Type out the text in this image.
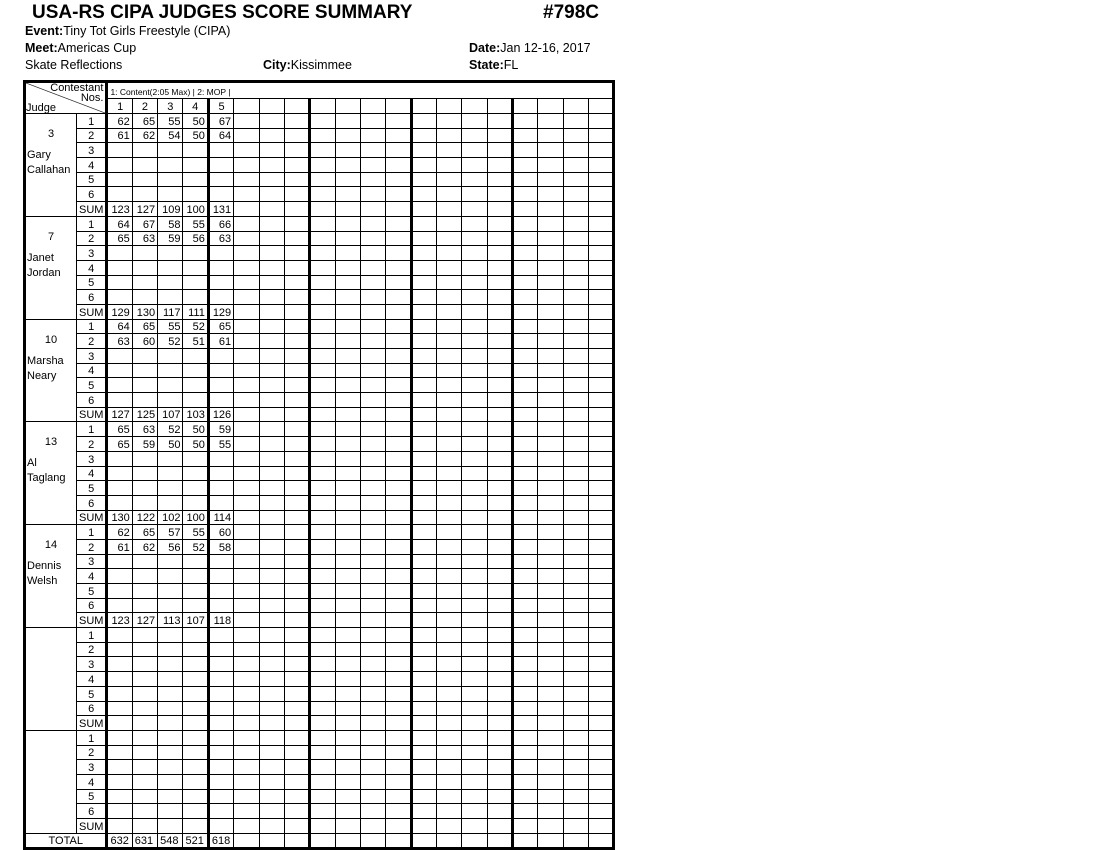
USA-RS CIPA JUDGES SCORE SUMMARY	#798C
Event:Tiny Tot Girls Freestyle (CIPA)
Meet:Americas Cup	Date:Jan 12-16, 2017
Skate Reflections	City:Kissimmee	State:FL
Contestant
Nos.
Judge		1: Content(2:05 Max) | 2: MOP |																			
		1	2	3	4	5															

3
Gary
Callahan	1	62	65	55	50	67															
	2	61	62	54	50	64															
	3																				
	4																				
	5																				
	6																				
	SUM	123	127	109	100	131															

7
Janet
Jordan	1	64	67	58	55	66															
	2	65	63	59	56	63															
	3																				
	4																				
	5																				
	6																				
	SUM	129	130	117	111	129															

10
Marsha
Neary	1	64	65	55	52	65															
	2	63	60	52	51	61															
	3																				
	4																				
	5																				
	6																				
	SUM	127	125	107	103	126															

13
Al
Taglang	1	65	63	52	50	59															
	2	65	59	50	50	55															
	3																				
	4																				
	5																				
	6																				
	SUM	130	122	102	100	114															

14
Dennis
Welsh	1	62	65	57	55	60															
	2	61	62	56	52	58															
	3																				
	4																				
	5																				
	6																				
	SUM	123	127	113	107	118															

	1																				
	2																				
	3																				
	4																				
	5																				
	6																				
	SUM																				

	1																				
	2																				
	3																				
	4																				
	5																				
	6																				
	SUM																				
TOTAL		632	631	548	521	618															
